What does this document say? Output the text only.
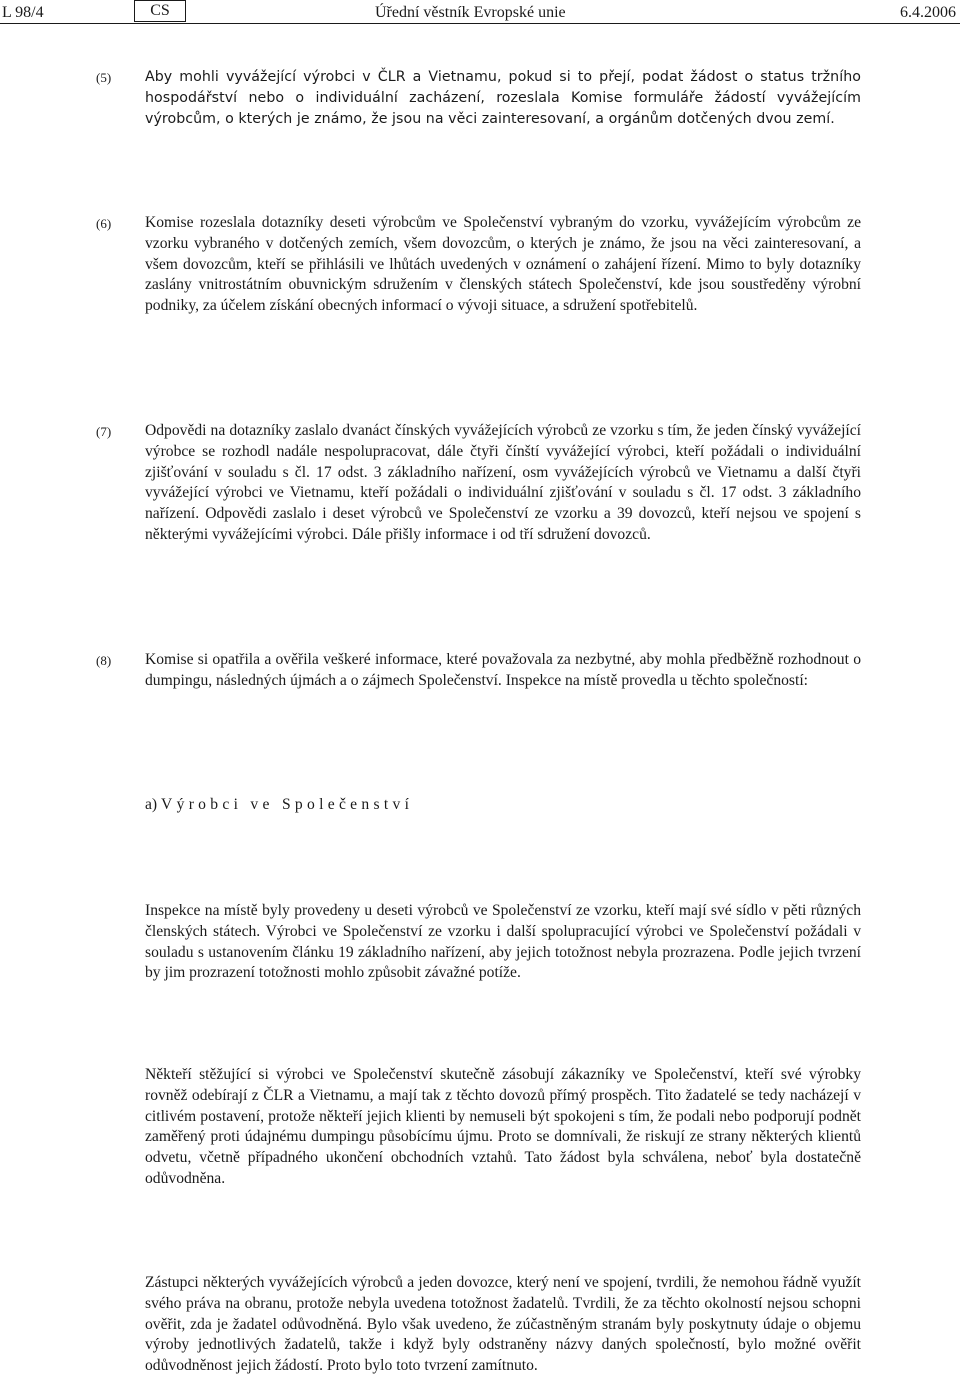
L 98/4	CS	Úřední věstník Evropské unie	6.4.2006
(5) Aby mohli vyvážející výrobci v ČLR a Vietnamu, pokud si to přejí, podat žádost o status tržního hospodářství nebo o individuální zacházení, rozeslala Komise formuláře žádostí vyvážejícím výrobcům, o kterých je známo, že jsou na věci zainteresovaní, a orgánům dotčených dvou zemí.

(6) Komise rozeslala dotazníky deseti výrobcům ve Společenství vybraným do vzorku, vyvážejícím výrobcům ze vzorku vybraného v dotčených zemích, všem dovozcům, o kterých je známo, že jsou na věci zainteresovaní, a všem dovozcům, kteří se přihlásili ve lhůtách uvedených v oznámení o zahájení řízení. Mimo to byly dotazníky zaslány vnitrostátním obuvnickým sdružením v členských státech Společenství, kde jsou soustředěny výrobní podniky, za účelem získání obecných informací o vývoji situace, a sdružení spotřebitelů.

(7) Odpovědi na dotazníky zaslalo dvanáct čínských vyvážejících výrobců ze vzorku s tím, že jeden čínský vyvážející výrobce se rozhodl nadále nespolupracovat, dále čtyři čínští vyvážející výrobci, kteří požádali o individuální zjišťování v souladu s čl. 17 odst. 3 základního nařízení, osm vyvážejících výrobců ve Vietnamu a další čtyři vyvážející výrobci ve Vietnamu, kteří požádali o individuální zjišťování v souladu s čl. 17 odst. 3 základního nařízení. Odpovědi zaslalo i deset výrobců ve Společenství ze vzorku a 39 dovozců, kteří nejsou ve spojení s některými vyvážejícími výrobci. Dále přišly informace i od tří sdružení dovozců.

(8) Komise si opatřila a ověřila veškeré informace, které považovala za nezbytné, aby mohla předběžně rozhodnout o dumpingu, následných újmách a o zájmech Společenství. Inspekce na místě provedla u těchto společností:

a) Výrobci ve Společenství

Inspekce na místě byly provedeny u deseti výrobců ve Společenství ze vzorku, kteří mají své sídlo v pěti různých členských státech. Výrobci ve Společenství ze vzorku i další spolupracující výrobci ve Společenství požádali v souladu s ustanovením článku 19 základního nařízení, aby jejich totožnost nebyla prozrazena. Podle jejich tvrzení by jim prozrazení totožnosti mohlo způsobit závažné potíže.

Někteří stěžující si výrobci ve Společenství skutečně zásobují zákazníky ve Společenství, kteří své výrobky rovněž odebírají z ČLR a Vietnamu, a mají tak z těchto dovozů přímý prospěch. Tito žadatelé se tedy nacházejí v citlivém postavení, protože někteří jejich klienti by nemuseli být spokojeni s tím, že podali nebo podporují podnět zaměřený proti údajnému dumpingu působícímu újmu. Proto se domnívali, že riskují ze strany některých klientů odvetu, včetně případného ukončení obchodních vztahů. Tato žádost byla schválena, neboť byla dostatečně odůvodněna.

Zástupci některých vyvážejících výrobců a jeden dovozce, který není ve spojení, tvrdili, že nemohou řádně využít svého práva na obranu, protože nebyla uvedena totožnost žadatelů. Tvrdili, že za těchto okolností nejsou schopni ověřit, zda je žadatel odůvodněná. Bylo však uvedeno, že zúčastněným stranám byly poskytnuty údaje o objemu výroby jednotlivých žadatelů, takže i když byly odstraněny názvy daných společností, bylo možné ověřit odůvodněnost jejich žádostí. Proto bylo toto tvrzení zamítnuto.
